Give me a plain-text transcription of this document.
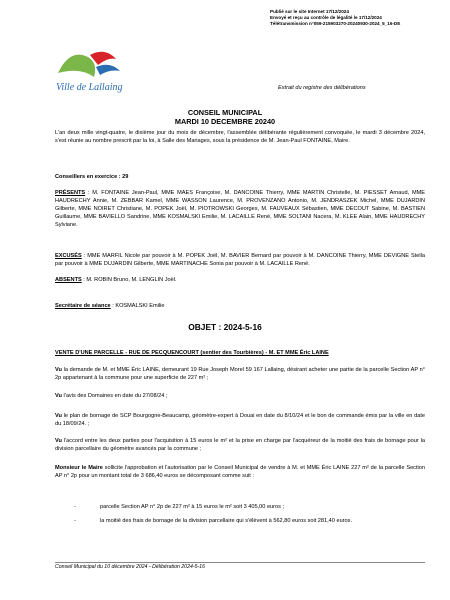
Publié sur le site Internet 17/12/2024
Envoyé et reçu au contrôle de légalité le 17/12/2024
Télétransmission n°059-215903270-20240930-2024_5_16-DE
Ville de Lallaing	Extrait du registre des délibérations
CONSEIL MUNICIPAL
MARDI 10 DECEMBRE 20240
L'an deux mille vingt-quatre, le dixième jour du mois de décembre, l'assemblée délibérante régulièrement convoquée, le mardi 3 décembre 2024, s'est réunie au nombre prescrit par la loi, à Salle des Mariages, sous la présidence de M. Jean-Paul FONTAINE, Maire.
Conseillers en exercice : 29
PRÉSENTS : M. FONTAINE Jean-Paul, MME MAES Françoise, M. DANCOINE Thierry, MME MARTIN Christelle, M. PIESSET Arnaud, MME HAUDRECHY Annie, M. ZEBBAR Kamel, MME WASSON Laurence, M. PROVENZANO Antonio, M. JENDRASZEK Michel, MME DUJARDIN Gilberte, MME NOIRET Christiane, M. POPEK Joël, M. PIOTROWSKI Georges, M. FAUVEAUX Sébastien, MME DECOUT Sabine, M. BASTIEN Guillaume, MME BAVIELLO Sandrine, MME KOSMALSKI Emilie, M. LACAILLE René, MME SOLTANI Nacera, M. KLEE Alain, MME HAUDRECHY Sylviane.
EXCUSÉS : MME MARFIL Nicole par pouvoir à M. POPEK Joël, M. BAVIER Bernard par pouvoir à M. DANCOINE Thierry, MME DEVIGNE Stella par pouvoir à MME DUJARDIN Gilberte, MME MARTINACHE Sonia par pouvoir à M. LACAILLE René.
ABSENTS : M. ROBIN Bruno, M. LENGLIN Joël.
Secrétaire de séance : KOSMALSKI Emilie
OBJET : 2024-5-16
VENTE D'UNE PARCELLE - RUE DE PECQUENCOURT (sentier des Tourbières) - M. ET MME Éric LAINE
Vu la demande de M. et MME Éric LAINE, demeurant 19 Rue Joseph Morel 59 167 Lallaing, désirant acheter une partie de la parcelle Section AP n° 2p appartenant à la commune pour une superficie de 227 m² ;
Vu l'avis des Domaines en date du 27/08/24 ;
Vu le plan de bornage de SCP Bourgogne-Beaucamp, géomètre-expert à Douai en date du 8/10/24 et le bon de commande émis par la ville en date du 18/09/24. ;
Vu l'accord entre les deux parties pour l'acquisition à 15 euros le m² et la prise en charge par l'acquéreur de la moitié des frais de bornage pour la division parcellaire du géomètre avancés par la commune ;
Monsieur le Maire sollicite l'approbation et l'autorisation par le Conseil Municipal de vendre à M. et MME Éric LAINE 227 m² de la parcelle Section AP n° 2p pour un montant total de 3 686,40 euros se décomposant comme suit :
-	parcelle Section AP n° 2p de 227 m² à 15 euros le m² soit 3 405,00 euros ;
-	la moitié des frais de bornage de la division parcellaire qui s'élèvent à 562,80 euros soit 281,40 euros.
Conseil Municipal du 10 décembre 2024 - Délibération 2024-5-16
